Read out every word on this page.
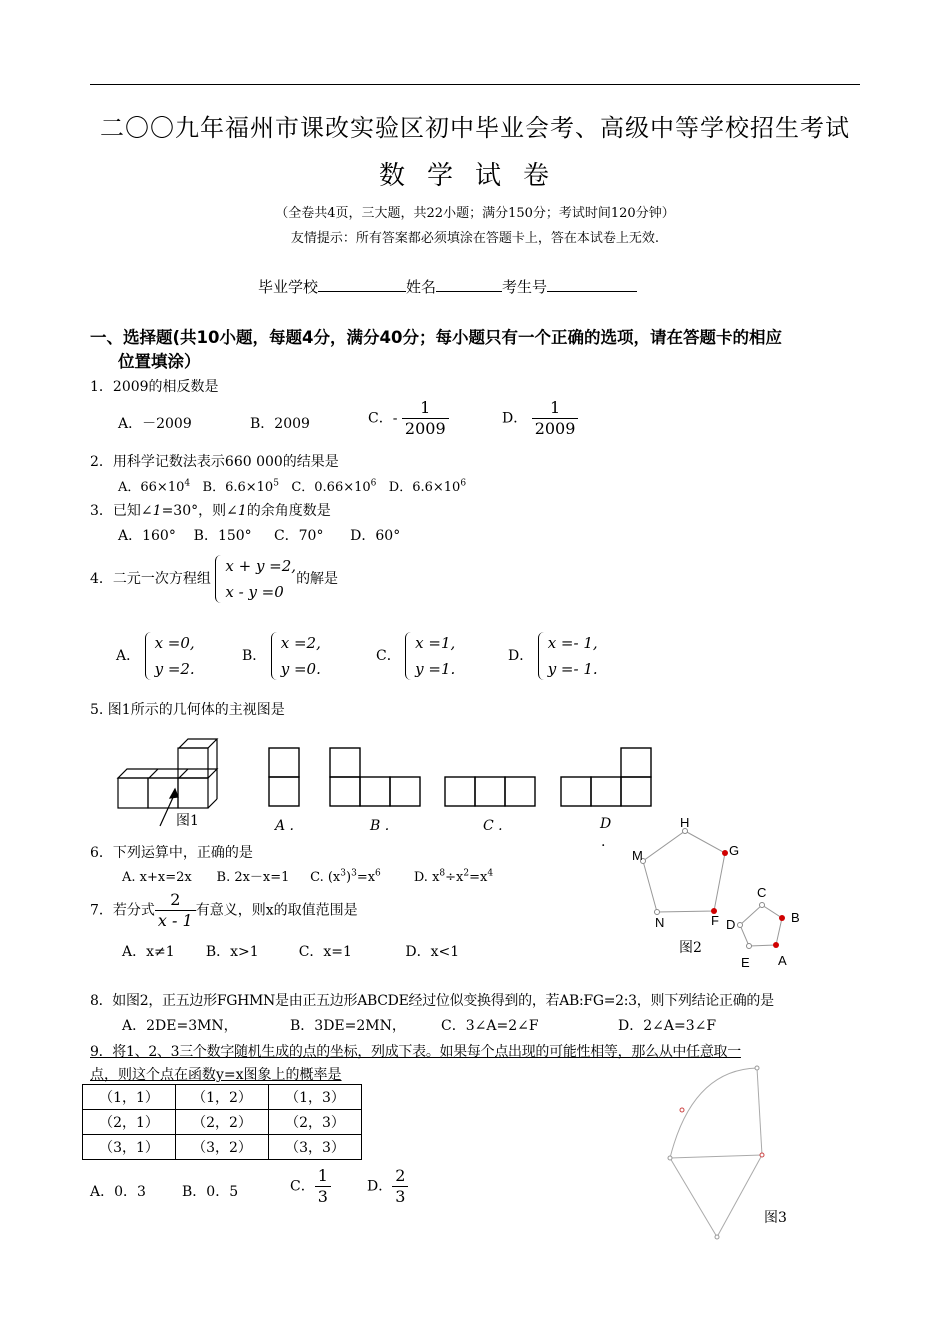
二〇〇九年福州市课改实验区初中毕业会考、高级中等学校招生考试
数学试卷
（全卷共4页，三大题，共22小题；满分150分；考试时间120分钟）
友情提示：所有答案都必须填涂在答题卡上，答在本试卷上无效.
毕业学校	姓名	考生号
一、选择题(共10小题，每题4分，满分40分；每小题只有一个正确的选项，请在答题卡的相应
位置填涂）
1．2009的相反数是
A．－2009	B．2009	C．- $\frac{1}{2009}$	D． $\frac{1}{2009}$
2．用科学记数法表示660 000的结果是
A．$66\times 10^4$ B．$6.6\times 10^5$ C．$0.66\times 10^6$ D．$6.6\times 10^6$
3．已知∠1=30°，则∠1的余角度数是
A．160° B．150° C．70° D．60°
4．二元一次方程组
x + y =2,
x - y =0
的解是
A．
x =0,
y =2.
B．
x =2,
y =0.
C．
x =1,
y =1.
D．
x =- 1,
y =- 1.
5. 图1所示的几何体的主视图是
图1	A .	B .	C .	D
.
H
G
F
N
M
C
B
A
E
D
图2
6．下列运算中，正确的是
A. x+x=2x B. 2x－x=1 C. $(x^3)^3=x^6$	D. $x^8\div x^2=x^4$
7．若分式 $\frac{2}{x - 1}$ 有意义，则x的取值范围是
A．x≠1 B．x>1	C．x=1	D．x<1
8．如图2，正五边形FGHMN是由正五边形ABCDE经过位似变换得到的，若AB:FG=2:3，则下列结论正确的是
A．2DE=3MN，	B．3DE=2MN，	C．3∠A=2∠F	D．2∠A=3∠F
9．将1、2、3三个数字随机生成的点的坐标，列成下表。如果每个点出现的可能性相等，那么从中任意取一
点，则这个点在函数y=x图象上的概率是
（1，1）	（1，2）	（1，3）
（2，1）	（2，2）	（2，3）
（3，1）	（3，2）	（3，3）
A．0．3	B．0．5	C． $\frac{1}{3}$	D． $\frac{2}{3}$
图3
